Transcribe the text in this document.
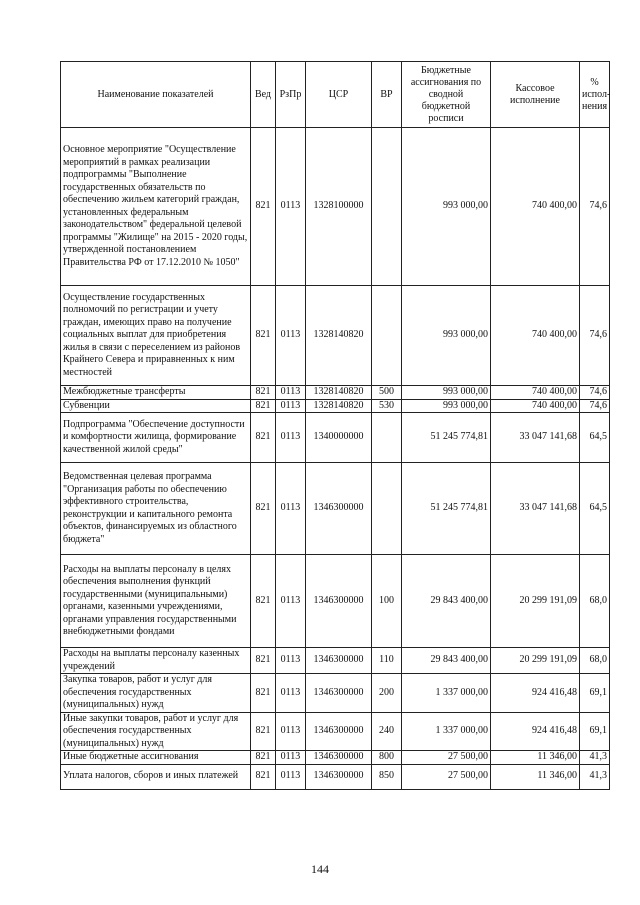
Наименование показателей	Вед	РзПр	ЦСР	ВР	Бюджетные ассигнования по сводной бюджетной росписи	Кассовое исполнение	% испол-нения
Основное мероприятие "Осуществление мероприятий в рамках реализации подпрограммы "Выполнение государственных обязательств по обеспечению жильем категорий граждан, установленных федеральным законодательством" федеральной целевой программы "Жилище" на 2015 - 2020 годы, утвержденной постановлением Правительства РФ от 17.12.2010 № 1050"	821	0113	1328100000		993 000,00	740 400,00	74,6
Осуществление государственных полномочий по регистрации и учету граждан, имеющих право на получение социальных выплат для приобретения жилья в связи с переселением из районов Крайнего Севера и приравненных к ним местностей	821	0113	1328140820		993 000,00	740 400,00	74,6
Межбюджетные трансферты	821	0113	1328140820	500	993 000,00	740 400,00	74,6
Субвенции	821	0113	1328140820	530	993 000,00	740 400,00	74,6
Подпрограмма "Обеспечение доступности и комфортности жилища, формирование качественной жилой среды"	821	0113	1340000000		51 245 774,81	33 047 141,68	64,5
Ведомственная целевая программа "Организация работы по обеспечению эффективного строительства, реконструкции и капитального ремонта объектов, финансируемых из областного бюджета"	821	0113	1346300000		51 245 774,81	33 047 141,68	64,5
Расходы на выплаты персоналу в целях обеспечения выполнения функций государственными (муниципальными) органами, казенными учреждениями, органами управления государственными внебюджетными фондами	821	0113	1346300000	100	29 843 400,00	20 299 191,09	68,0
Расходы на выплаты персоналу казенных учреждений	821	0113	1346300000	110	29 843 400,00	20 299 191,09	68,0
Закупка товаров, работ и услуг для обеспечения государственных (муниципальных) нужд	821	0113	1346300000	200	1 337 000,00	924 416,48	69,1
Иные закупки товаров, работ и услуг для обеспечения государственных (муниципальных) нужд	821	0113	1346300000	240	1 337 000,00	924 416,48	69,1
Иные бюджетные ассигнования	821	0113	1346300000	800	27 500,00	11 346,00	41,3
Уплата налогов, сборов и иных платежей	821	0113	1346300000	850	27 500,00	11 346,00	41,3
144
